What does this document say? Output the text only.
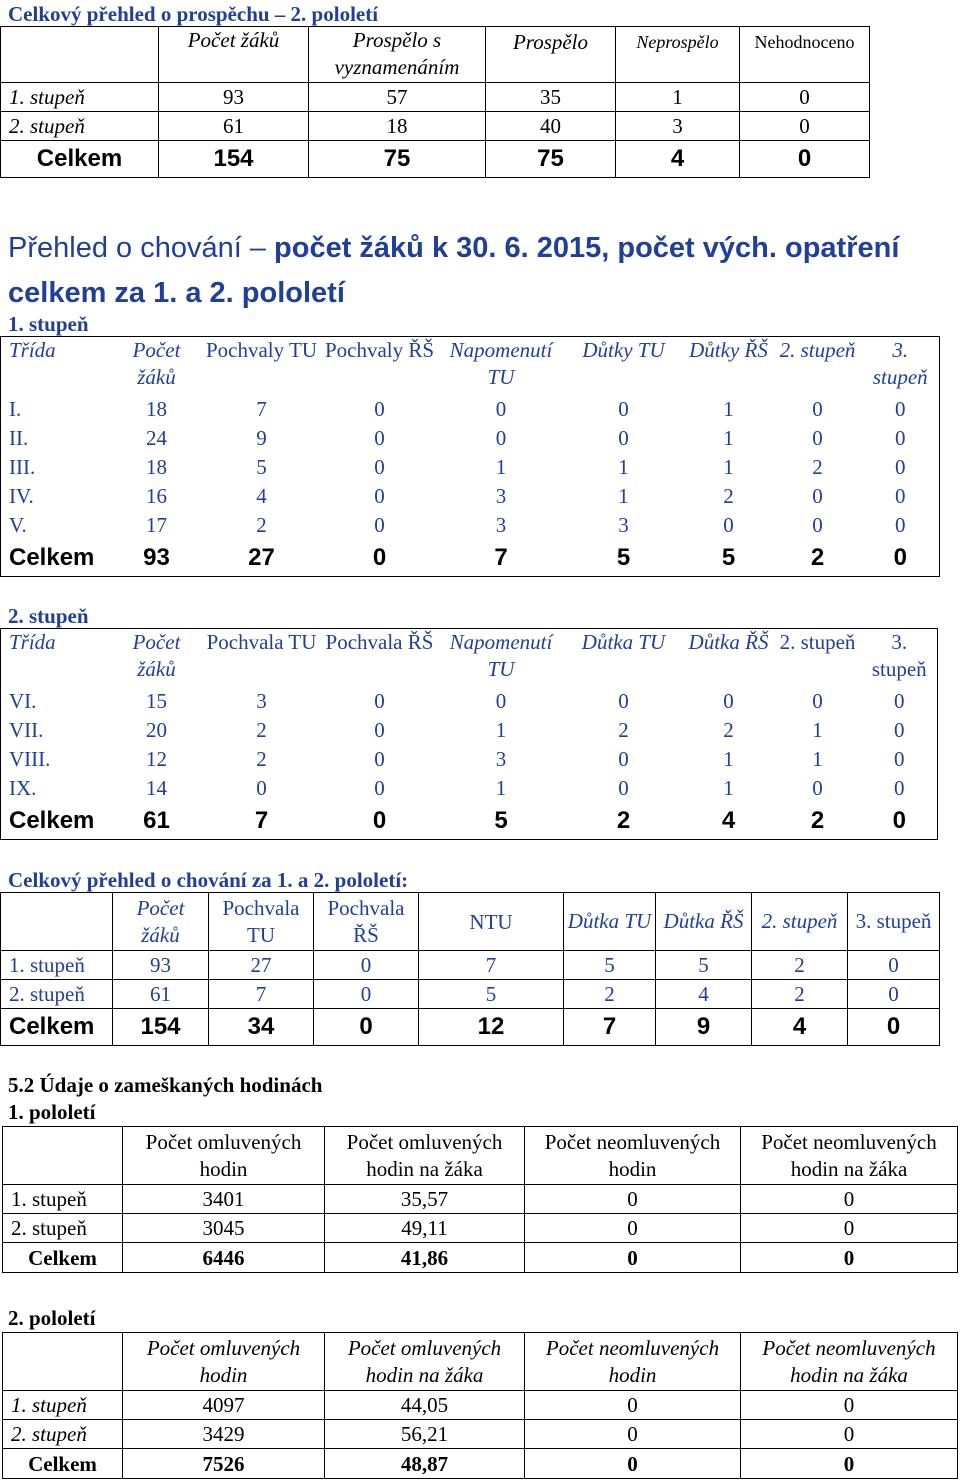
Celkový přehled o prospěchu – 2. pololetí
	Počet žáků	Prospělo s vyznamenáním	Prospělo	Neprospělo	Nehodnoceno
1. stupeň	93	57	35	1	0
2. stupeň	61	18	40	3	0
Celkem	154	75	75	4	0
Přehled o chování – počet žáků k 30. 6. 2015, počet vých. opatření celkem za 1. a 2. pololetí
1. stupeň
Třída	Počet žáků	Pochvaly TU	Pochvaly ŘŠ	Napomenutí TU	Důtky TU	Důtky ŘŠ	2. stupeň	3. stupeň
I.	18	7	0	0	0	1	0	0
II.	24	9	0	0	0	1	0	0
III.	18	5	0	1	1	1	2	0
IV.	16	4	0	3	1	2	0	0
V.	17	2	0	3	3	0	0	0
Celkem	93	27	0	7	5	5	2	0
2. stupeň
Třída	Počet žáků	Pochvala TU	Pochvala ŘŠ	Napomenutí TU	Důtka TU	Důtka ŘŠ	2. stupeň	3. stupeň
VI.	15	3	0	0	0	0	0	0
VII.	20	2	0	1	2	2	1	0
VIII.	12	2	0	3	0	1	1	0
IX.	14	0	0	1	0	1	0	0
Celkem	61	7	0	5	2	4	2	0
Celkový přehled o chování za 1. a 2. pololetí:
	Počet žáků	Pochvala TU	Pochvala ŘŠ	NTU	Důtka TU	Důtka ŘŠ	2. stupeň	3. stupeň
1. stupeň	93	27	0	7	5	5	2	0
2. stupeň	61	7	0	5	2	4	2	0
Celkem	154	34	0	12	7	9	4	0
5.2 Údaje o zameškaných hodinách
1. pololetí
	Počet omluvených hodin	Počet omluvených hodin na žáka	Počet neomluvených hodin	Počet neomluvených hodin na žáka
1. stupeň	3401	35,57	0	0
2. stupeň	3045	49,11	0	0
Celkem	6446	41,86	0	0
2. pololetí
	Počet omluvených hodin	Počet omluvených hodin na žáka	Počet neomluvených hodin	Počet neomluvených hodin na žáka
1. stupeň	4097	44,05	0	0
2. stupeň	3429	56,21	0	0
Celkem	7526	48,87	0	0
